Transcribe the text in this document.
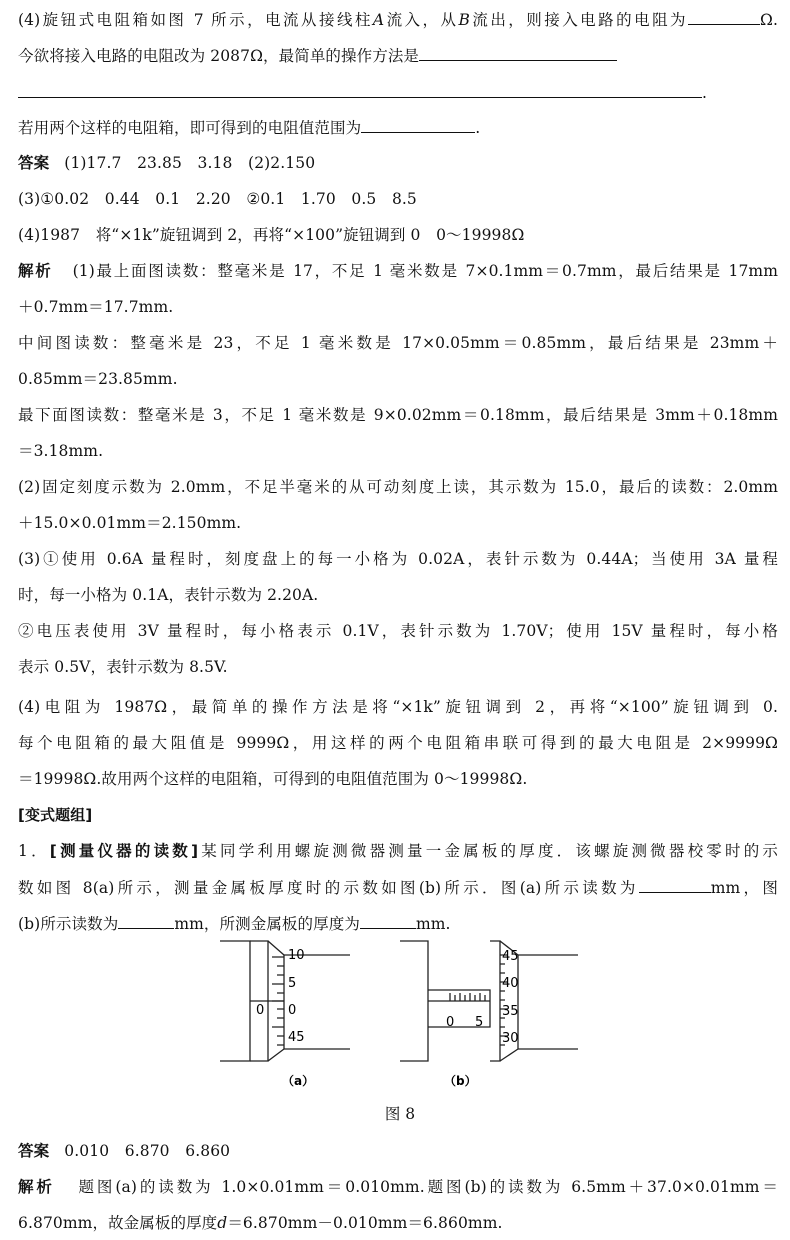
(4)旋钮式电阻箱如图 7 所示，电流从接线柱A流入，从B流出，则接入电路的电阻为	Ω.
今欲将接入电路的电阻改为 2087Ω，最简单的操作方法是
.
若用两个这样的电阻箱，即可得到的电阻值范围为	.
答案 (1)17.7　23.85　3.18　(2)2.150
(3)①0.02　0.44　0.1　2.20　②0.1　1.70　0.5　8.5
(4)1987　将“×1k”旋钮调到 2，再将“×100”旋钮调到 0　0～19998Ω
解析 (1)最上面图读数：整毫米是 17，不足 1 毫米数是 7×0.1mm＝0.7mm，最后结果是 17mm
＋0.7mm＝17.7mm.
中间图读数：整毫米是 23，不足 1 毫米数是 17×0.05mm＝0.85mm，最后结果是 23mm＋
0.85mm＝23.85mm.
最下面图读数：整毫米是 3，不足 1 毫米数是 9×0.02mm＝0.18mm，最后结果是 3mm＋0.18mm
＝3.18mm.
(2)固定刻度示数为 2.0mm，不足半毫米的从可动刻度上读，其示数为 15.0，最后的读数：2.0mm
＋15.0×0.01mm＝2.150mm.
(3)①使用 0.6A 量程时，刻度盘上的每一小格为 0.02A，表针示数为 0.44A；当使用 3A 量程
时，每一小格为 0.1A，表针示数为 2.20A.
②电压表使用 3V 量程时，每小格表示 0.1V，表针示数为 1.70V；使用 15V 量程时，每小格
表示 0.5V，表针示数为 8.5V.
(4)电阻为 1987Ω，最简单的操作方法是将“×1k”旋钮调到 2，再将“×100”旋钮调到 0.
每个电阻箱的最大阻值是 9999Ω，用这样的两个电阻箱串联可得到的最大电阻是 2×9999Ω
＝19998Ω.故用两个这样的电阻箱，可得到的电阻值范围为 0～19998Ω.
[变式题组]
1．[测量仪器的读数]某同学利用螺旋测微器测量一金属板的厚度．该螺旋测微器校零时的示
数如图 8(a)所示，测量金属板厚度时的示数如图(b)所示．图(a)所示读数为	mm，图
(b)所示读数为	mm，所测金属板的厚度为	mm.
10
5
0
0
45
45
40
0 5
35
30
（a）	（b）
图 8
答案 0.010　6.870　6.860
解析 题图(a)的读数为 1.0×0.01mm＝0.010mm.题图(b)的读数为 6.5mm＋37.0×0.01mm＝
6.870mm，故金属板的厚度d＝6.870mm－0.010mm＝6.860mm.
